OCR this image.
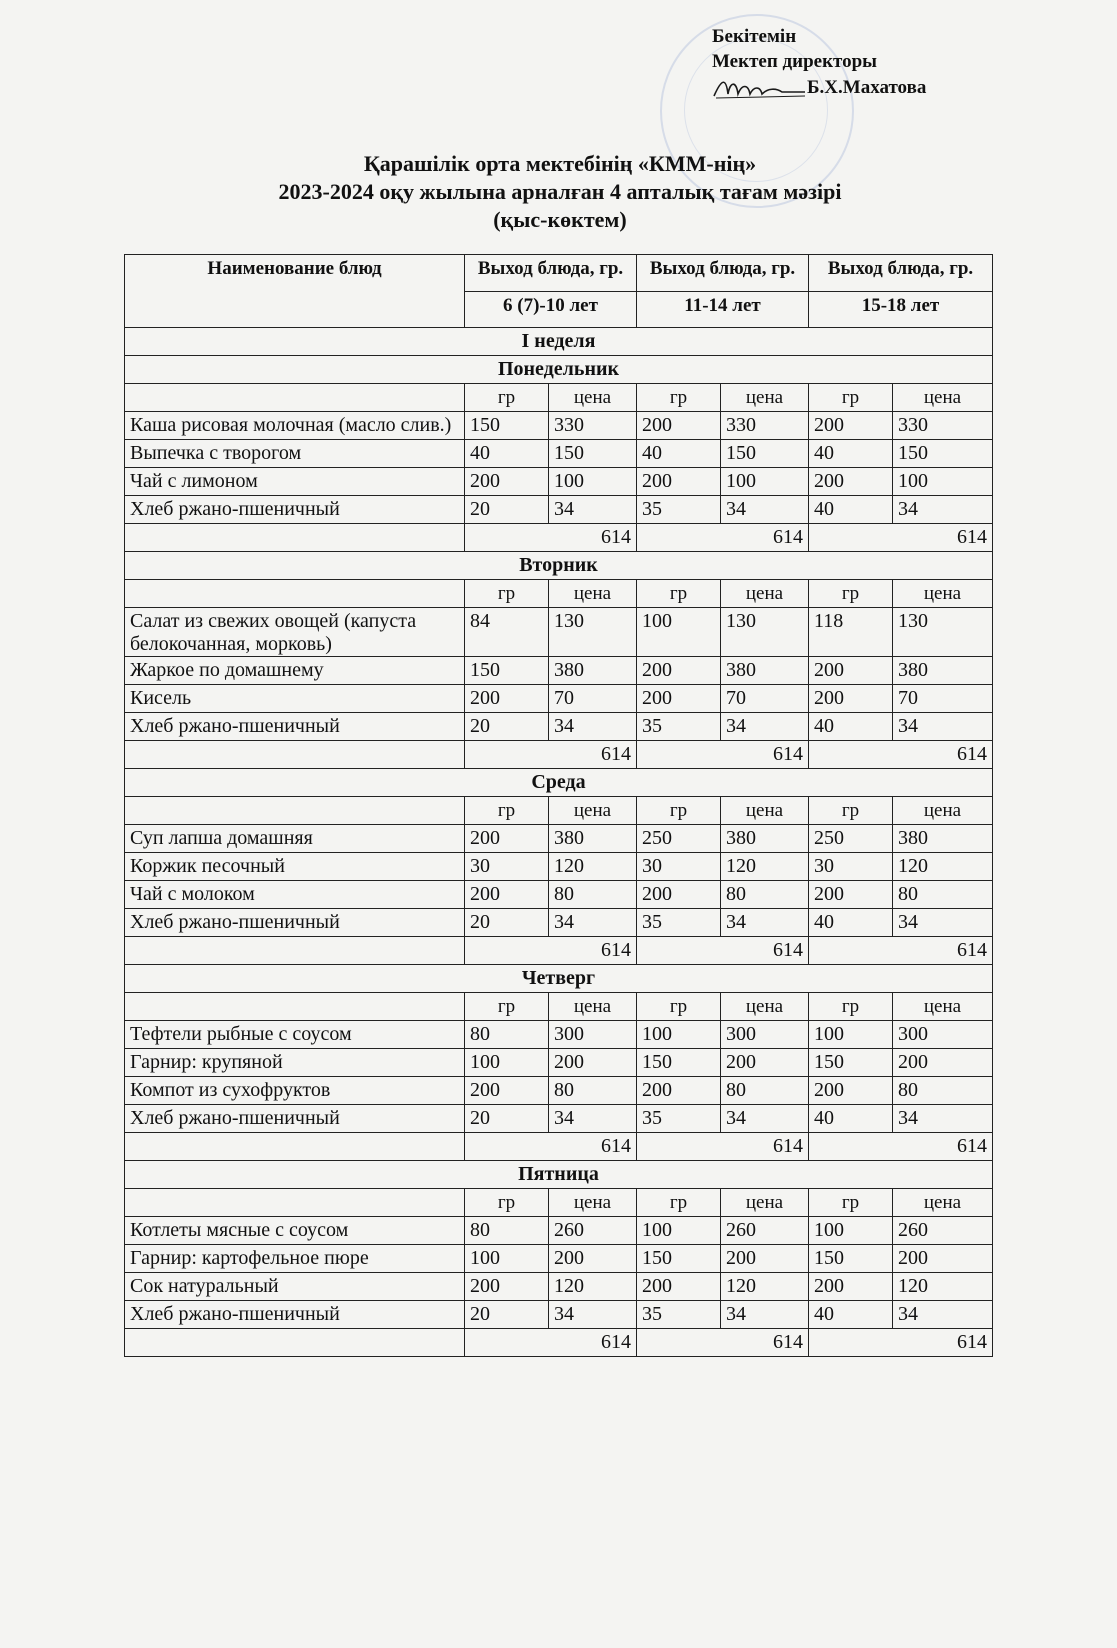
Бекітемін
Мектеп директоры
Б.Х.Махатова
Қарашілік орта мектебінің «КММ-нің»
2023-2024 оқу жылына арналған 4 апталық тағам мәзірі
(қыс-көктем)
Наименование блюд	Выход блюда, гр.		Выход блюда, гр.		Выход блюда, гр.	
	6 (7)-10 лет		11-14 лет		15-18 лет	
I неделя						
Понедельник						
	гр	цена	гр	цена	гр	цена
Каша рисовая молочная (масло слив.)	150	330	200	330	200	330
Выпечка с творогом	40	150	40	150	40	150
Чай с лимоном	200	100	200	100	200	100
Хлеб ржано-пшеничный	20	34	35	34	40	34
	614		614		614	
Вторник						
	гр	цена	гр	цена	гр	цена
Салат из свежих овощей (капуста белокочанная, морковь)	84	130	100	130	118	130
Жаркое по домашнему	150	380	200	380	200	380
Кисель	200	70	200	70	200	70
Хлеб ржано-пшеничный	20	34	35	34	40	34
	614		614		614	
Среда						
	гр	цена	гр	цена	гр	цена
Суп лапша домашняя	200	380	250	380	250	380
Коржик песочный	30	120	30	120	30	120
Чай с молоком	200	80	200	80	200	80
Хлеб ржано-пшеничный	20	34	35	34	40	34
	614		614		614	
Четверг						
	гр	цена	гр	цена	гр	цена
Тефтели рыбные с соусом	80	300	100	300	100	300
Гарнир: крупяной	100	200	150	200	150	200
Компот из сухофруктов	200	80	200	80	200	80
Хлеб ржано-пшеничный	20	34	35	34	40	34
	614		614		614	
Пятница						
	гр	цена	гр	цена	гр	цена
Котлеты мясные с соусом	80	260	100	260	100	260
Гарнир: картофельное пюре	100	200	150	200	150	200
Сок натуральный	200	120	200	120	200	120
Хлеб ржано-пшеничный	20	34	35	34	40	34
	614		614		614	
